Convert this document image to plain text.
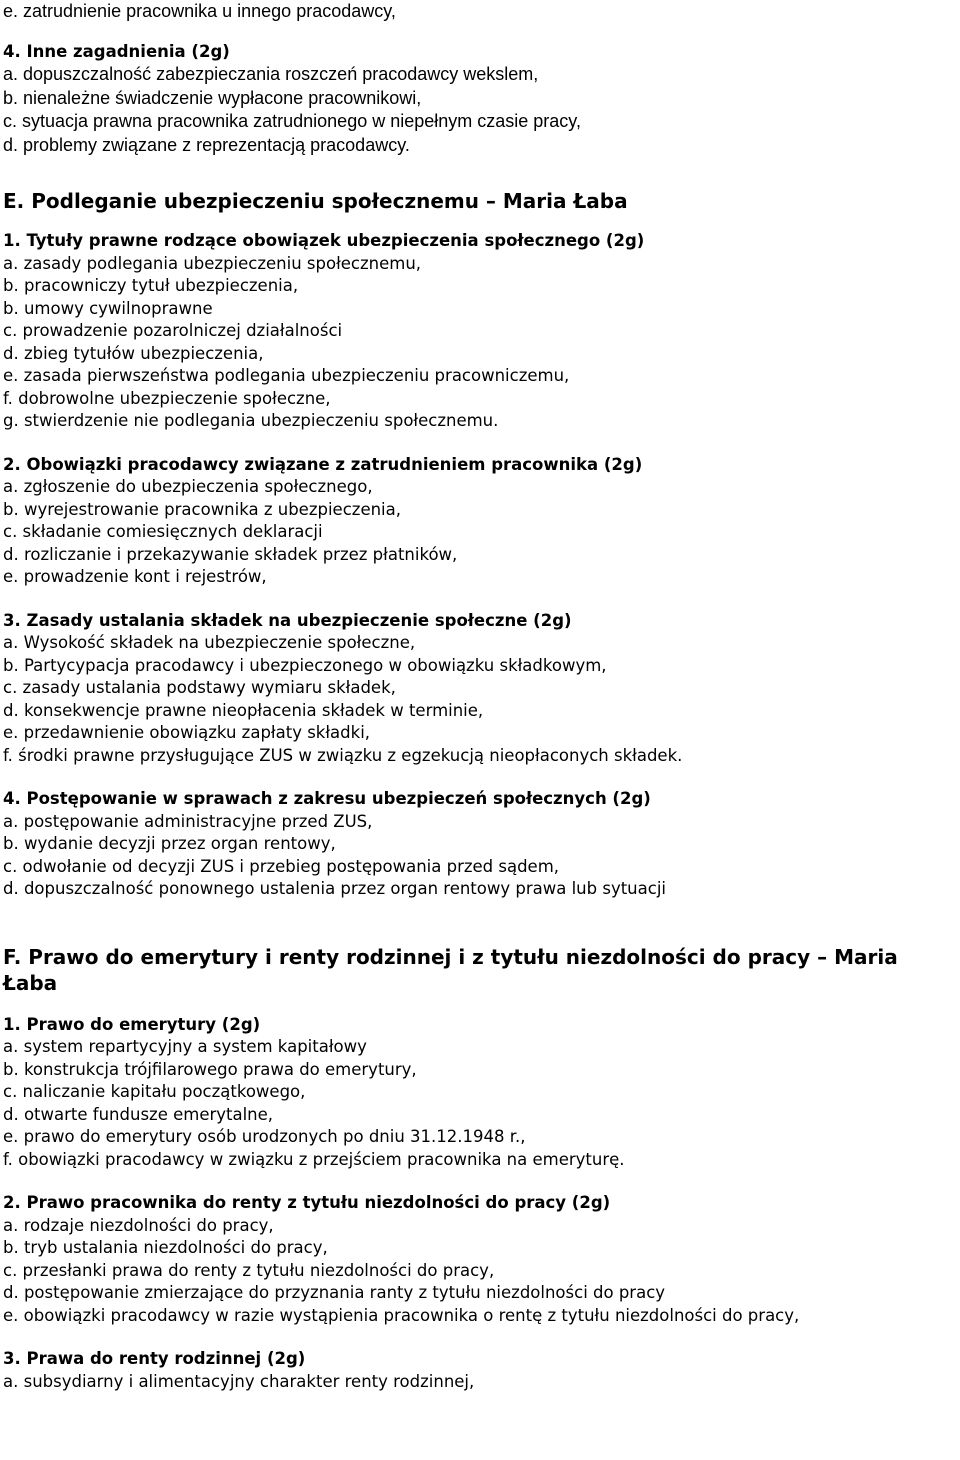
e. zatrudnienie pracownika u innego pracodawcy,
4. Inne zagadnienia (2g)
a. dopuszczalność zabezpieczania roszczeń pracodawcy wekslem,
b. nienależne świadczenie wypłacone pracownikowi,
c. sytuacja prawna pracownika zatrudnionego w niepełnym czasie pracy,
d. problemy związane z reprezentacją pracodawcy.
E. Podleganie ubezpieczeniu społecznemu – Maria Łaba
1. Tytuły prawne rodzące obowiązek ubezpieczenia społecznego (2g)
a. zasady podlegania ubezpieczeniu społecznemu,
b. pracowniczy tytuł ubezpieczenia,
b. umowy cywilnoprawne
c. prowadzenie pozarolniczej działalności
d. zbieg tytułów ubezpieczenia,
e. zasada pierwszeństwa podlegania ubezpieczeniu pracowniczemu,
f. dobrowolne ubezpieczenie społeczne,
g. stwierdzenie nie podlegania ubezpieczeniu społecznemu.
2. Obowiązki pracodawcy związane z zatrudnieniem pracownika (2g)
a. zgłoszenie do ubezpieczenia społecznego,
b. wyrejestrowanie pracownika z ubezpieczenia,
c. składanie comiesięcznych deklaracji
d. rozliczanie i przekazywanie składek przez płatników,
e. prowadzenie kont i rejestrów,
3. Zasady ustalania składek na ubezpieczenie społeczne (2g)
a. Wysokość składek na ubezpieczenie społeczne,
b. Partycypacja pracodawcy i ubezpieczonego w obowiązku składkowym,
c. zasady ustalania podstawy wymiaru składek,
d. konsekwencje prawne nieopłacenia składek w terminie,
e. przedawnienie obowiązku zapłaty składki,
f. środki prawne przysługujące ZUS w związku z egzekucją nieopłaconych składek.
4. Postępowanie w sprawach z zakresu ubezpieczeń społecznych (2g)
a. postępowanie administracyjne przed ZUS,
b. wydanie decyzji przez organ rentowy,
c. odwołanie od decyzji ZUS i przebieg postępowania przed sądem,
d. dopuszczalność ponownego ustalenia przez organ rentowy prawa lub sytuacji
F. Prawo do emerytury i renty rodzinnej i z tytułu niezdolności do pracy – Maria Łaba
1. Prawo do emerytury (2g)
a. system repartycyjny a system kapitałowy
b. konstrukcja trójfilarowego prawa do emerytury,
c. naliczanie kapitału początkowego,
d. otwarte fundusze emerytalne,
e. prawo do emerytury osób urodzonych po dniu 31.12.1948 r.,
f. obowiązki pracodawcy w związku z przejściem pracownika na emeryturę.
2. Prawo pracownika do renty z tytułu niezdolności do pracy (2g)
a. rodzaje niezdolności do pracy,
b. tryb ustalania niezdolności do pracy,
c. przesłanki prawa do renty z tytułu niezdolności do pracy,
d. postępowanie zmierzające do przyznania ranty z tytułu niezdolności do pracy
e. obowiązki pracodawcy w razie wystąpienia pracownika o rentę z tytułu niezdolności do pracy,
3. Prawa do renty rodzinnej (2g)
a. subsydiarny i alimentacyjny charakter renty rodzinnej,
